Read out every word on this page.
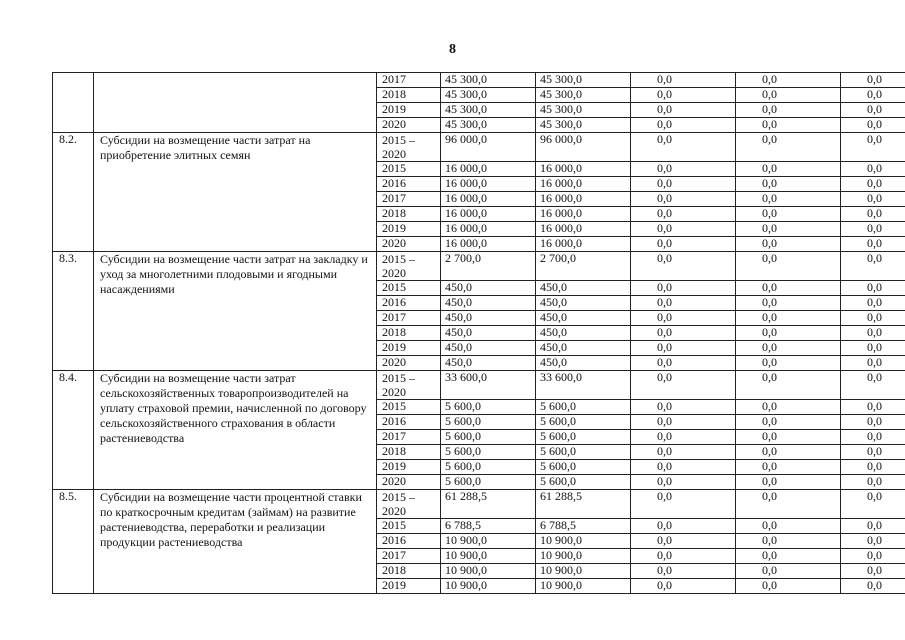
8
		2017	45 300,0	45 300,0	0,0	0,0	0,0
		2018	45 300,0	45 300,0	0,0	0,0	0,0
		2019	45 300,0	45 300,0	0,0	0,0	0,0
		2020	45 300,0	45 300,0	0,0	0,0	0,0
8.2.	Субсидии на возмещение части затрат на приобретение элитных семян	2015 – 2020	96 000,0	96 000,0	0,0	0,0	0,0
		2015	16 000,0	16 000,0	0,0	0,0	0,0
		2016	16 000,0	16 000,0	0,0	0,0	0,0
		2017	16 000,0	16 000,0	0,0	0,0	0,0
		2018	16 000,0	16 000,0	0,0	0,0	0,0
		2019	16 000,0	16 000,0	0,0	0,0	0,0
		2020	16 000,0	16 000,0	0,0	0,0	0,0
8.3.	Субсидии на возмещение части затрат на закладку и уход за многолетними плодовыми и ягодными насаждениями	2015 – 2020	2 700,0	2 700,0	0,0	0,0	0,0
		2015	450,0	450,0	0,0	0,0	0,0
		2016	450,0	450,0	0,0	0,0	0,0
		2017	450,0	450,0	0,0	0,0	0,0
		2018	450,0	450,0	0,0	0,0	0,0
		2019	450,0	450,0	0,0	0,0	0,0
		2020	450,0	450,0	0,0	0,0	0,0
8.4.	Субсидии на возмещение части затрат сельскохозяйственных товаропроизводителей на уплату страховой премии, начисленной по договору сельскохозяйственного страхования в области растениеводства	2015 – 2020	33 600,0	33 600,0	0,0	0,0	0,0
		2015	5 600,0	5 600,0	0,0	0,0	0,0
		2016	5 600,0	5 600,0	0,0	0,0	0,0
		2017	5 600,0	5 600,0	0,0	0,0	0,0
		2018	5 600,0	5 600,0	0,0	0,0	0,0
		2019	5 600,0	5 600,0	0,0	0,0	0,0
		2020	5 600,0	5 600,0	0,0	0,0	0,0
8.5.	Субсидии на возмещение части процентной ставки по краткосрочным кредитам (займам) на развитие растениеводства, переработки и реализации продукции растениеводства	2015 – 2020	61 288,5	61 288,5	0,0	0,0	0,0
		2015	6 788,5	6 788,5	0,0	0,0	0,0
		2016	10 900,0	10 900,0	0,0	0,0	0,0
		2017	10 900,0	10 900,0	0,0	0,0	0,0
		2018	10 900,0	10 900,0	0,0	0,0	0,0
		2019	10 900,0	10 900,0	0,0	0,0	0,0
